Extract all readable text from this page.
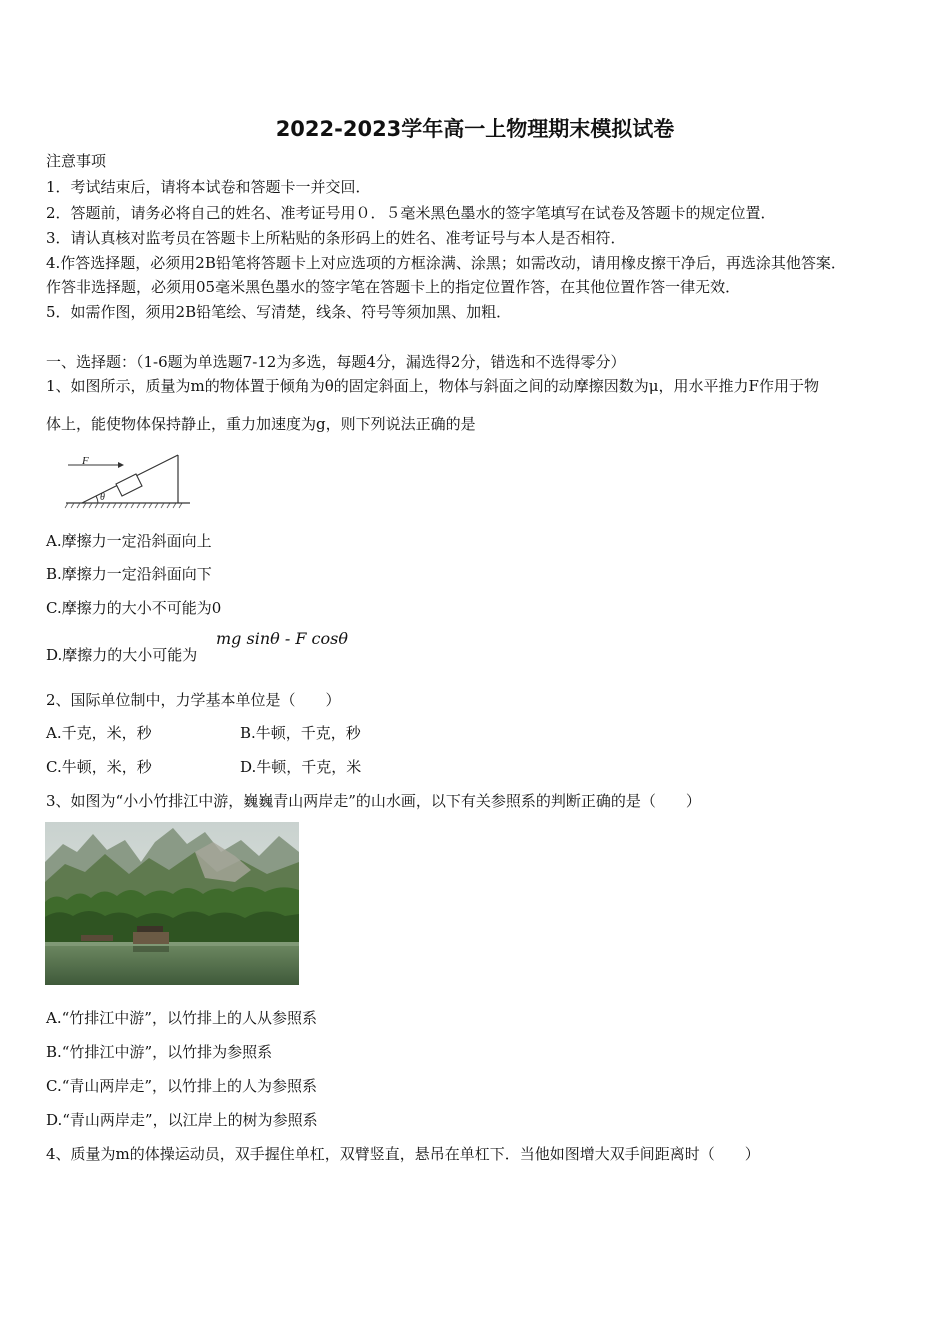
2022-2023学年高一上物理期末模拟试卷
注意事项
1．考试结束后，请将本试卷和答题卡一并交回．
2．答题前，请务必将自己的姓名、准考证号用０．５毫米黑色墨水的签字笔填写在试卷及答题卡的规定位置．
3．请认真核对监考员在答题卡上所粘贴的条形码上的姓名、准考证号与本人是否相符．
4.作答选择题，必须用2B铅笔将答题卡上对应选项的方框涂满、涂黑；如需改动，请用橡皮擦干净后，再选涂其他答案．
作答非选择题，必须用05毫米黑色墨水的签字笔在答题卡上的指定位置作答，在其他位置作答一律无效．
5．如需作图，须用2B铅笔绘、写清楚，线条、符号等须加黑、加粗．
一、选择题：（1-6题为单选题7-12为多选，每题4分，漏选得2分，错选和不选得零分）
1、如图所示，质量为m的物体置于倾角为θ的固定斜面上，物体与斜面之间的动摩擦因数为μ，用水平推力F作用于物
体上，能使物体保持静止，重力加速度为g，则下列说法正确的是
F
θ
A.摩擦力一定沿斜面向上
B.摩擦力一定沿斜面向下
C.摩擦力的大小不可能为0
D.摩擦力的大小可能为
mg sinθ - F cosθ
2、国际单位制中，力学基本单位是（　　）
A.千克，米，秒	B.牛顿，千克，秒
C.牛顿，米，秒	D.牛顿，千克，米
3、如图为“小小竹排江中游，巍巍青山两岸走”的山水画，以下有关参照系的判断正确的是（　　）
A.“竹排江中游”，以竹排上的人从参照系
B.“竹排江中游”，以竹排为参照系
C.“青山两岸走”，以竹排上的人为参照系
D.“青山两岸走”，以江岸上的树为参照系
4、质量为m的体操运动员，双手握住单杠，双臂竖直，悬吊在单杠下．当他如图增大双手间距离时（　　）
